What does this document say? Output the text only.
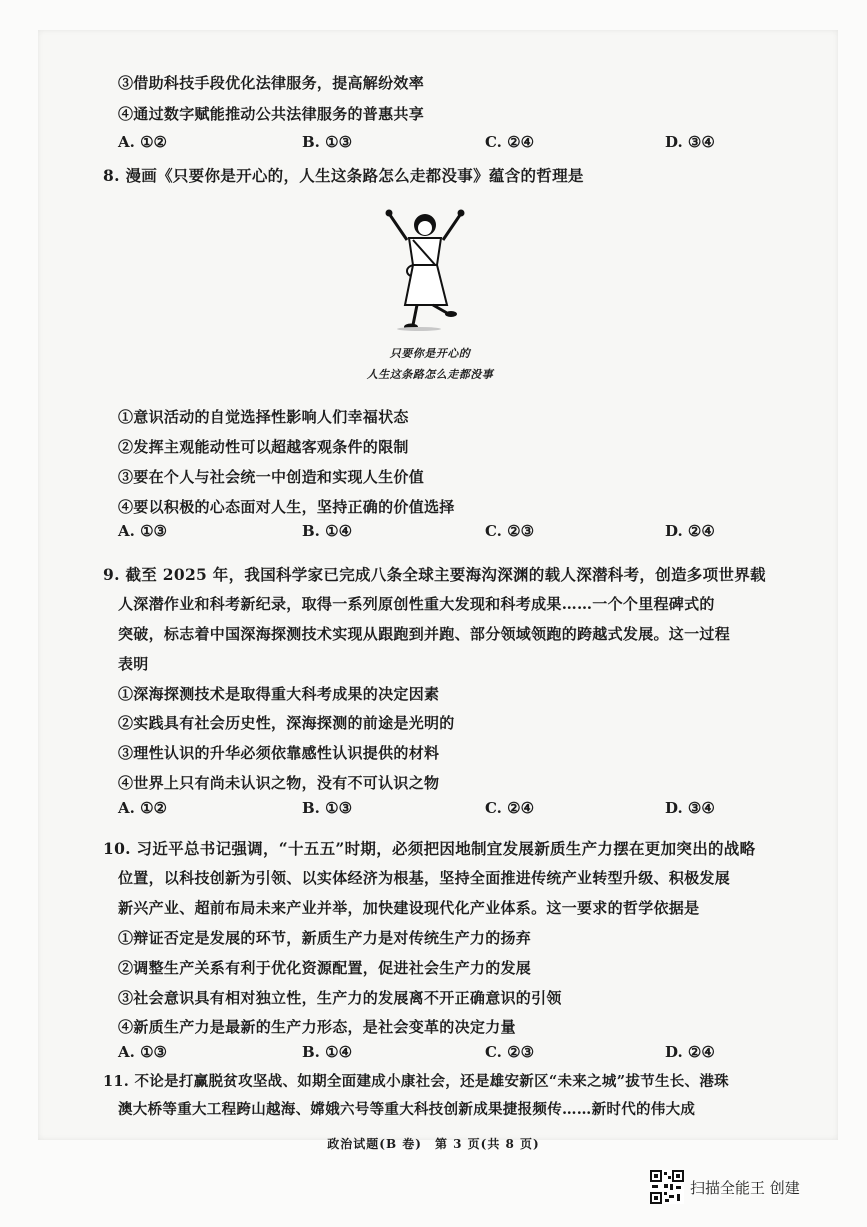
③借助科技手段优化法律服务，提高解纷效率
④通过数字赋能推动公共法律服务的普惠共享
A. ①②	B. ①③	C. ②④	D. ③④
8. 漫画《只要你是开心的，人生这条路怎么走都没事》蕴含的哲理是
只要你是开心的
人生这条路怎么走都没事
①意识活动的自觉选择性影响人们幸福状态
②发挥主观能动性可以超越客观条件的限制
③要在个人与社会统一中创造和实现人生价值
④要以积极的心态面对人生，坚持正确的价值选择
A. ①③	B. ①④	C. ②③	D. ②④
9. 截至 2025 年，我国科学家已完成八条全球主要海沟深渊的载人深潜科考，创造多项世界载
人深潜作业和科考新纪录，取得一系列原创性重大发现和科考成果……一个个里程碑式的
突破，标志着中国深海探测技术实现从跟跑到并跑、部分领域领跑的跨越式发展。这一过程
表明
①深海探测技术是取得重大科考成果的决定因素
②实践具有社会历史性，深海探测的前途是光明的
③理性认识的升华必须依靠感性认识提供的材料
④世界上只有尚未认识之物，没有不可认识之物
A. ①②	B. ①③	C. ②④	D. ③④
10. 习近平总书记强调，“十五五”时期，必须把因地制宜发展新质生产力摆在更加突出的战略
位置，以科技创新为引领、以实体经济为根基，坚持全面推进传统产业转型升级、积极发展
新兴产业、超前布局未来产业并举，加快建设现代化产业体系。这一要求的哲学依据是
①辩证否定是发展的环节，新质生产力是对传统生产力的扬弃
②调整生产关系有利于优化资源配置，促进社会生产力的发展
③社会意识具有相对独立性，生产力的发展离不开正确意识的引领
④新质生产力是最新的生产力形态，是社会变革的决定力量
A. ①③	B. ①④	C. ②③	D. ②④
11. 不论是打赢脱贫攻坚战、如期全面建成小康社会，还是雄安新区“未来之城”拔节生长、港珠
澳大桥等重大工程跨山越海、嫦娥六号等重大科技创新成果捷报频传……新时代的伟大成
政治试题(B 卷)　第 3 页(共 8 页)
扫描全能王 创建
